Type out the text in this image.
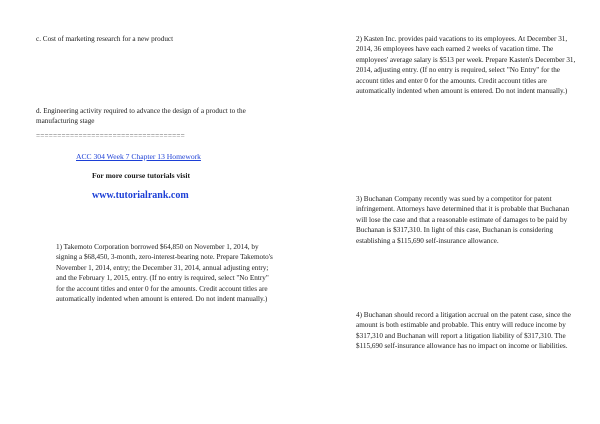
c. Cost of marketing research for a new product

d. Engineering activity required to advance the design of a product to the manufacturing stage

===================================
ACC 304 Week 7 Chapter 13 Homework
For more course tutorials visit
www.tutorialrank.com

1) Takemoto Corporation borrowed $64,850 on November 1, 2014, by signing a $68,450, 3-month, zero-interest-bearing note. Prepare Takemoto's November 1, 2014, entry; the December 31, 2014, annual adjusting entry; and the February 1, 2015, entry. (If no entry is required, select "No Entry" for the account titles and enter 0 for the amounts. Credit account titles are automatically indented when amount is entered. Do not indent manually.)

2) Kasten Inc. provides paid vacations to its employees. At December 31, 2014, 36 employees have each earned 2 weeks of vacation time. The employees' average salary is $513 per week. Prepare Kasten's December 31, 2014, adjusting entry. (If no entry is required, select "No Entry" for the account titles and enter 0 for the amounts. Credit account titles are automatically indented when amount is entered. Do not indent manually.)

3) Buchanan Company recently was sued by a competitor for patent infringement. Attorneys have determined that it is probable that Buchanan will lose the case and that a reasonable estimate of damages to be paid by Buchanan is $317,310. In light of this case, Buchanan is considering establishing a $115,690 self-insurance allowance.

4) Buchanan should record a litigation accrual on the patent case, since the amount is both estimable and probable. This entry will reduce income by $317,310 and Buchanan will report a litigation liability of $317,310. The $115,690 self-insurance allowance has no impact on income or liabilities.
